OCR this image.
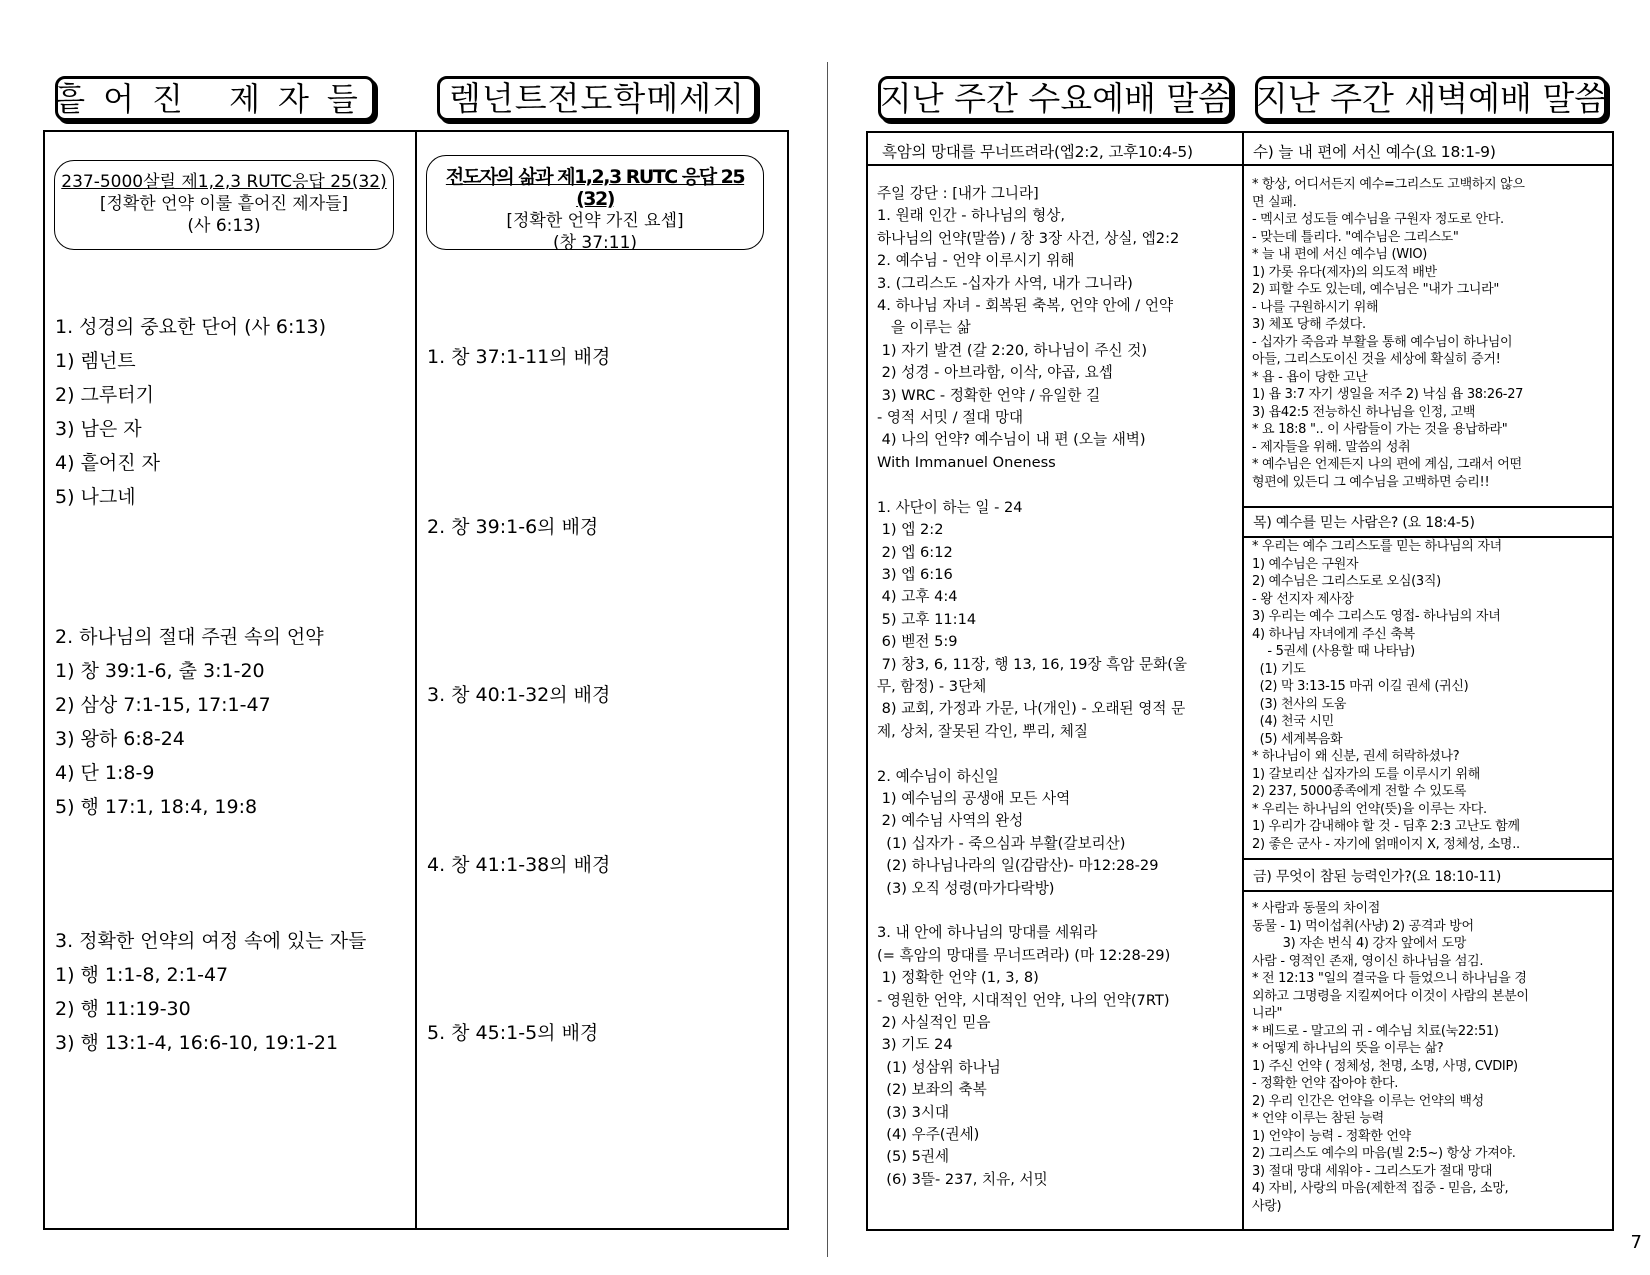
흩어진 제자들 렘넌트전도학메세지	지난 주간 수요예배 말씀 지난 주간 새벽예배 말씀
237-5000살릴 제1,2,3 RUTC응답 25(32)
[정확한 언약 이룰 흩어진 제자들]
(사 6:13)
1. 성경의 중요한 단어 (사 6:13)
1) 렘넌트
2) 그루터기
3) 남은 자
4) 흩어진 자
5) 나그네
2. 하나님의 절대 주권 속의 언약
1) 창 39:1-6, 출 3:1-20
2) 삼상 7:1-15, 17:1-47
3) 왕하 6:8-24
4) 단 1:8-9
5) 행 17:1, 18:4, 19:8
3. 정확한 언약의 여정 속에 있는 자들
1) 행 1:1-8, 2:1-47
2) 행 11:19-30
3) 행 13:1-4, 16:6-10, 19:1-21
전도자의 삶과 제1,2,3 RUTC 응답 25 (32)
[정확한 언약 가진 요셉]
(창 37:11)
1. 창 37:1-11의 배경
2. 창 39:1-6의 배경
3. 창 40:1-32의 배경
4. 창 41:1-38의 배경
5. 창 45:1-5의 배경
흑암의 망대를 무너뜨려라(엡2:2, 고후10:4-5)
주일 강단 : [내가 그니라]
1. 원래 인간 - 하나님의 형상,
하나님의 언약(말씀) / 창 3장 사건, 상실, 엡2:2
2. 예수님 - 언약 이루시기 위해
3. (그리스도 -십자가 사역, 내가 그니라)
4. 하나님 자녀 - 회복된 축복, 언약 안에 / 언약
을 이루는 삶
1) 자기 발견 (갈 2:20, 하나님이 주신 것)
2) 성경 - 아브라함, 이삭, 야곱, 요셉
3) WRC - 정확한 언약 / 유일한 길
- 영적 서밋 / 절대 망대
4) 나의 언약? 예수님이 내 편 (오늘 새벽)
With Immanuel Oneness

1. 사단이 하는 일 - 24
1) 엡 2:2
2) 엡 6:12
3) 엡 6:16
4) 고후 4:4
5) 고후 11:14
6) 벧전 5:9
7) 창3, 6, 11장, 행 13, 16, 19장 흑암 문화(울
무, 함정) - 3단체
8) 교회, 가정과 가문, 나(개인) - 오래된 영적 문
제, 상처, 잘못된 각인, 뿌리, 체질

2. 예수님이 하신일
1) 예수님의 공생애 모든 사역
2) 예수님 사역의 완성
(1) 십자가 - 죽으심과 부활(갈보리산)
(2) 하나님나라의 일(감람산)- 마12:28-29
(3) 오직 성령(마가다락방)

3. 내 안에 하나님의 망대를 세워라
(= 흑암의 망대를 무너뜨려라) (마 12:28-29)
1) 정확한 언약 (1, 3, 8)
- 영원한 언약, 시대적인 언약, 나의 언약(7RT)
2) 사실적인 믿음
3) 기도 24
(1) 성삼위 하나님
(2) 보좌의 축복
(3) 3시대
(4) 우주(권세)
(5) 5권세
(6) 3뜰- 237, 치유, 서밋
수) 늘 내 편에 서신 예수(요 18:1-9)
* 항상, 어디서든지 예수=그리스도 고백하지 않으
면 실패.
- 멕시코 성도들 예수님을 구원자 정도로 안다.
- 맞는데 틀리다. "예수님은 그리스도"
* 늘 내 편에 서신 예수님 (WIO)
1) 가롯 유다(제자)의 의도적 배반
2) 피할 수도 있는데, 예수님은 "내가 그니라"
- 나를 구원하시기 위해
3) 체포 당해 주셨다.
- 십자가 죽음과 부활을 통해 예수님이 하나님이
아들, 그리스도이신 것을 세상에 확실히 증거!
* 욥 - 욥이 당한 고난
1) 욥 3:7 자기 생일을 저주 2) 낙심 욥 38:26-27
3) 욥42:5 전능하신 하나님을 인정, 고백
* 요 18:8 ".. 이 사람들이 가는 것을 용납하라"
- 제자들을 위해. 말씀의 성취
* 예수님은 언제든지 나의 편에 계심, 그래서 어떤
형편에 있든디 그 예수님을 고백하면 승리!!
목) 예수를 믿는 사람은? (요 18:4-5)
* 우리는 예수 그리스도를 믿는 하나님의 자녀
1) 예수님은 구원자
2) 예수님은 그리스도로 오심(3직)
- 왕 선지자 제사장
3) 우리는 예수 그리스도 영접- 하나님의 자녀
4) 하나님 자녀에게 주신 축복
- 5권세 (사용할 때 나타남)
(1) 기도
(2) 막 3:13-15 마귀 이길 권세 (귀신)
(3) 천사의 도움
(4) 천국 시민
(5) 세계복음화
* 하나님이 왜 신분, 권세 허락하셨나?
1) 갈보리산 십자가의 도를 이루시기 위해
2) 237, 5000종족에게 전할 수 있도록
* 우리는 하나님의 언약(뜻)을 이루는 자다.
1) 우리가 감내해야 할 것 - 딤후 2:3 고난도 함께
2) 좋은 군사 - 자기에 얽매이지 X, 정체성, 소명..
금) 무엇이 참된 능력인가?(요 18:10-11)
* 사람과 동물의 차이점
동물 - 1) 먹이섭취(사냥) 2) 공격과 방어
3) 자손 번식 4) 강자 앞에서 도망
사람 - 영적인 존재, 영이신 하나님을 섬김.
* 전 12:13 "일의 결국을 다 들었으니 하나님을 경
외하고 그명령을 지킬찌어다 이것이 사람의 본분이
니라"
* 베드로 - 말고의 귀 - 예수님 치료(눅22:51)
* 어떻게 하나님의 뜻을 이루는 삶?
1) 주신 언약 ( 정체성, 천명, 소명, 사명, CVDIP)
- 정확한 언약 잡아야 한다.
2) 우리 인간은 언약을 이루는 언약의 백성
* 언약 이루는 참된 능력
1) 언약이 능력 - 정확한 언약
2) 그리스도 예수의 마음(빌 2:5~) 항상 가져야.
3) 절대 망대 세워야 - 그리스도가 절대 망대
4) 자비, 사랑의 마음(제한적 집중 - 믿음, 소망,
사랑)
7
